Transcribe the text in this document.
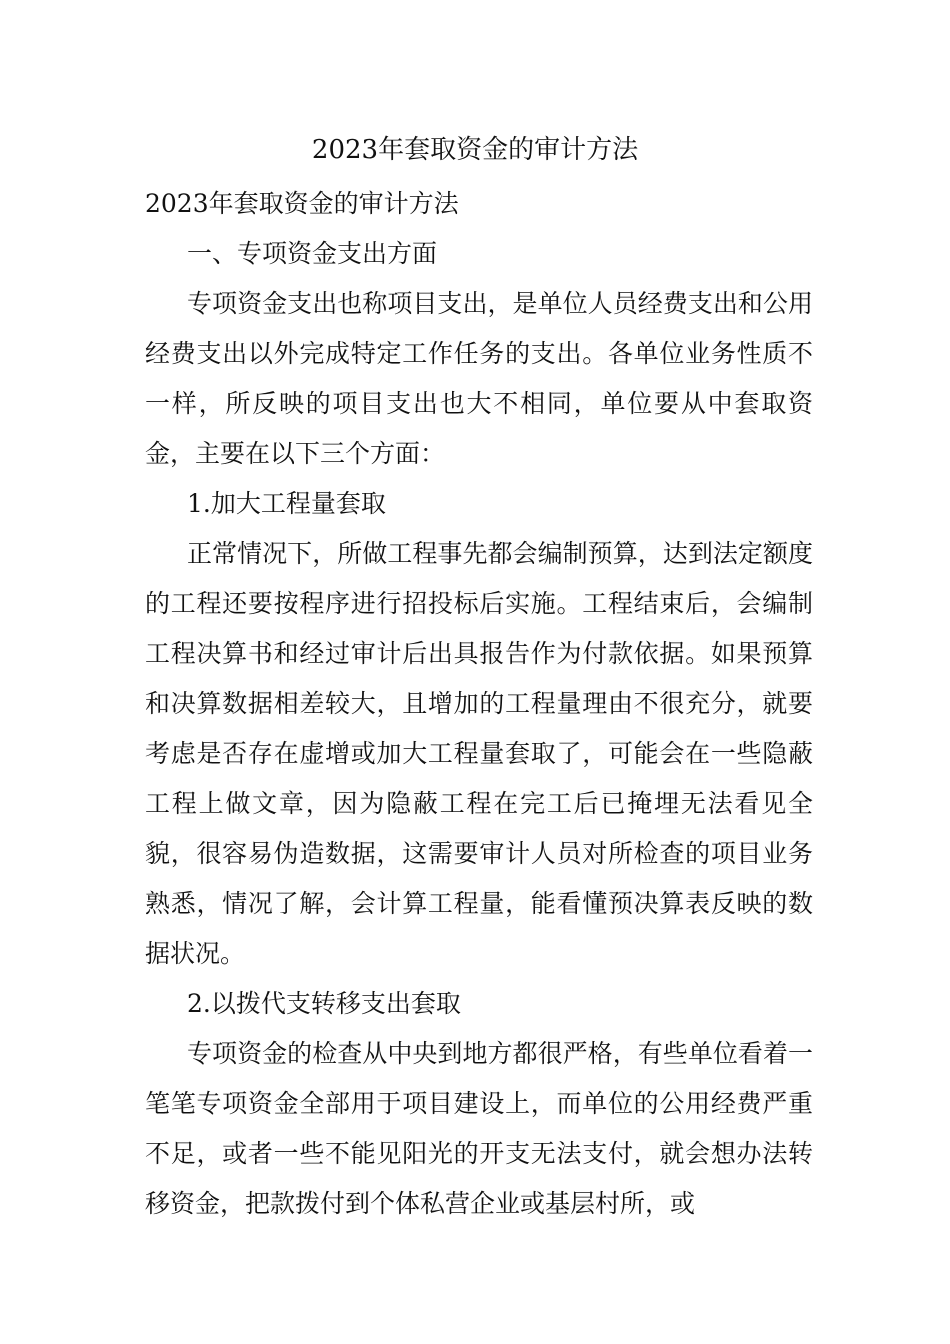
2023年套取资金的审计方法

2023年套取资金的审计方法

一、专项资金支出方面

专项资金支出也称项目支出，是单位人员经费支出和公用经费支出以外完成特定工作任务的支出。各单位业务性质不一样，所反映的项目支出也大不相同，单位要从中套取资金，主要在以下三个方面：

1.加大工程量套取

正常情况下，所做工程事先都会编制预算，达到法定额度的工程还要按程序进行招投标后实施。工程结束后，会编制工程决算书和经过审计后出具报告作为付款依据。如果预算和决算数据相差较大，且增加的工程量理由不很充分，就要考虑是否存在虚增或加大工程量套取了，可能会在一些隐蔽工程上做文章，因为隐蔽工程在完工后已掩埋无法看见全貌，很容易伪造数据，这需要审计人员对所检查的项目业务熟悉，情况了解，会计算工程量，能看懂预决算表反映的数据状况。

2.以拨代支转移支出套取

专项资金的检查从中央到地方都很严格，有些单位看着一笔笔专项资金全部用于项目建设上，而单位的公用经费严重不足，或者一些不能见阳光的开支无法支付，就会想办法转移资金，把款拨付到个体私营企业或基层村所，或
